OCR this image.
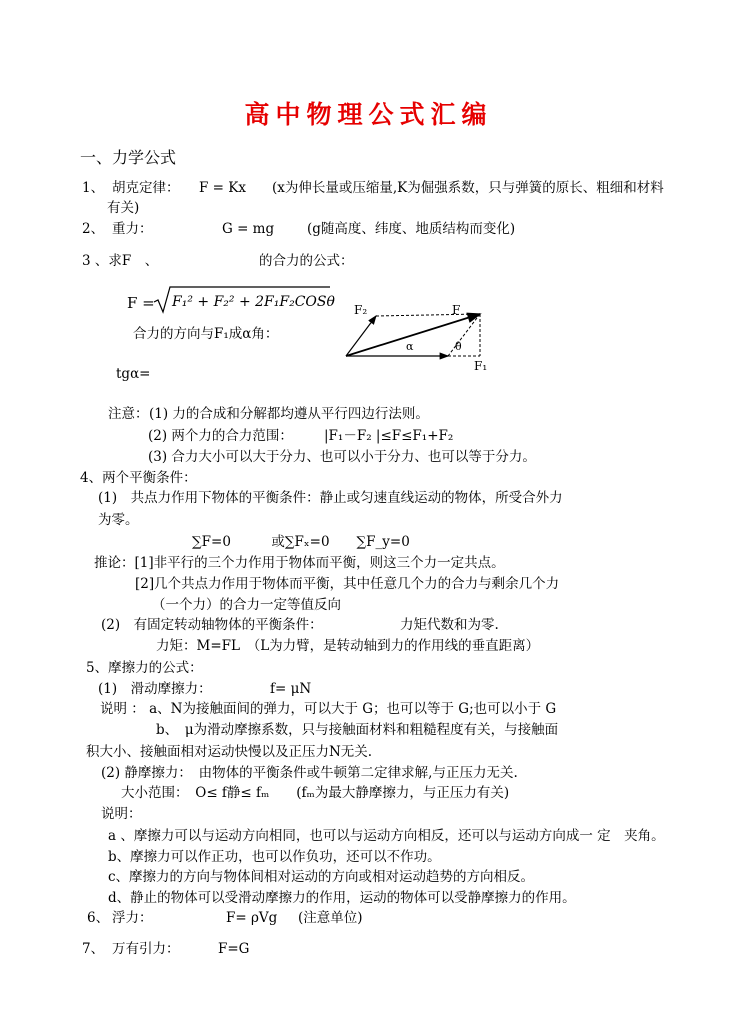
高中物理公式汇编
一、力学公式
1、 胡克定律： F = Kx (x为伸长量或压缩量,K为倔强系数，只与弹簧的原长、粗细和材料
有关)
2、 重力：	G = mg (g随高度、纬度、地质结构而变化)
3 、求F　、	的合力的公式：
F = F₁² + F₂² + 2F₁F₂COSθ
合力的方向与F₁成α角：
tgα=
F₂	F
α	θ
F₁
注意： (1) 力的合成和分解都均遵从平行四边行法则。
(2) 两个力的合力范围： |F₁－F₂ |≤F≤F₁+F₂
(3) 合力大小可以大于分力、也可以小于分力、也可以等于分力。
4、两个平衡条件：
(1)　共点力作用下物体的平衡条件：静止或匀速直线运动的物体，所受合外力
为零。
∑F=0　　　或∑Fₓ=0　　∑F_y=0
推论：[1]非平行的三个力作用于物体而平衡，则这三个力一定共点。
[2]几个共点力作用于物体而平衡，其中任意几个力的合力与剩余几个力
（一个力）的合力一定等值反向
(2)　有固定转动轴物体的平衡条件：	力矩代数和为零.
力矩：M=FL　（L为力臂，是转动轴到力的作用线的垂直距离）
5、摩擦力的公式：
(1)　滑动摩擦力：	f= μN
说明 ： a、N为接触面间的弹力，可以大于 G；也可以等于 G;也可以小于 G
b、　μ为滑动摩擦系数，只与接触面材料和粗糙程度有关，与接触面
积大小、接触面相对运动快慢以及正压力N无关.
(2) 静摩擦力：　由物体的平衡条件或牛顿第二定律求解,与正压力无关.
大小范围：　O≤ f静≤ fₘ　　(fₘ为最大静摩擦力，与正压力有关)
说明：
a 、摩擦力可以与运动方向相同，也可以与运动方向相反，还可以与运动方向成一 定　夹角。
b、摩擦力可以作正功，也可以作负功，还可以不作功。
c、摩擦力的方向与物体间相对运动的方向或相对运动趋势的方向相反。
d、静止的物体可以受滑动摩擦力的作用，运动的物体可以受静摩擦力的作用。
6、 浮力：	F= ρVg (注意单位)
7、 万有引力：	F=G
